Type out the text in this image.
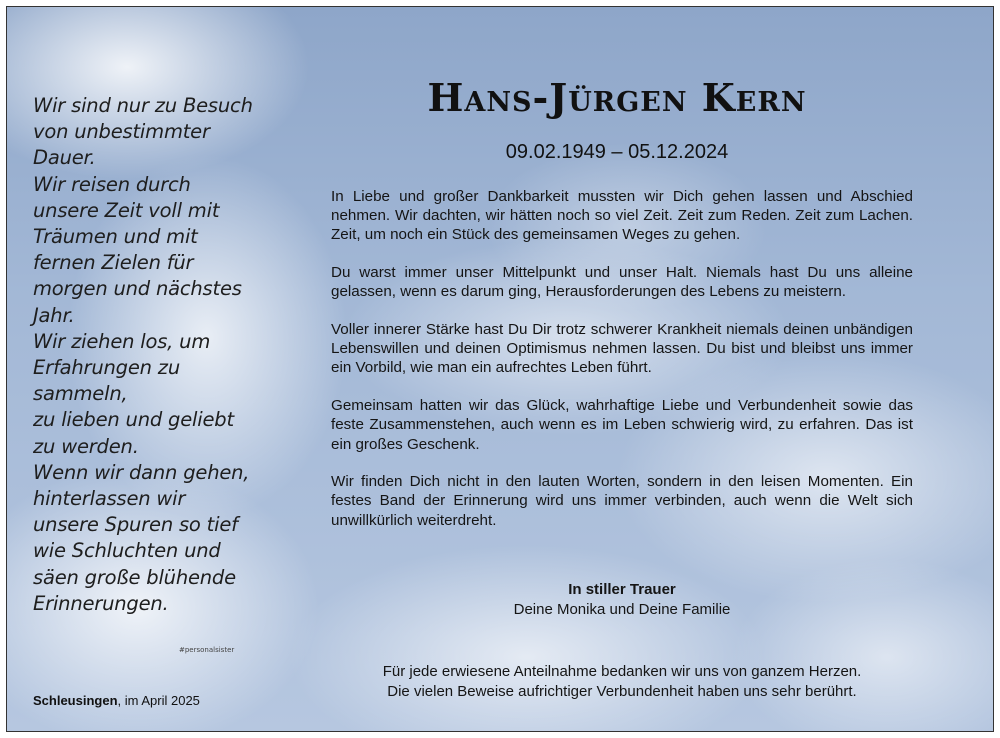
Wir sind nur zu Besuch
von unbestimmter
Dauer.
Wir reisen durch
unsere Zeit voll mit
Träumen und mit
fernen Zielen für
morgen und nächstes
Jahr.
Wir ziehen los, um
Erfahrungen zu
sammeln,
zu lieben und geliebt
zu werden.
Wenn wir dann gehen,
hinterlassen wir
unsere Spuren so tief
wie Schluchten und
säen große blühende
Erinnerungen.
#personalsister
Schleusingen, im April 2025
Hans-Jürgen Kern
09.02.1949 – 05.12.2024

In Liebe und großer Dankbarkeit mussten wir Dich gehen lassen und Abschied nehmen. Wir dachten, wir hätten noch so viel Zeit. Zeit zum Reden. Zeit zum Lachen. Zeit, um noch ein Stück des gemeinsamen Weges zu gehen.

Du warst immer unser Mittelpunkt und unser Halt. Niemals hast Du uns alleine gelassen, wenn es darum ging, Herausforderungen des Lebens zu meistern.

Voller innerer Stärke hast Du Dir trotz schwerer Krankheit niemals deinen unbändigen Lebenswillen und deinen Optimismus nehmen lassen. Du bist und bleibst uns immer ein Vorbild, wie man ein aufrechtes Leben führt.

Gemeinsam hatten wir das Glück, wahrhaftige Liebe und Verbundenheit sowie das feste Zusammenstehen, auch wenn es im Leben schwierig wird, zu erfahren. Das ist ein großes Geschenk.

Wir finden Dich nicht in den lauten Worten, sondern in den leisen Momenten. Ein festes Band der Erinnerung wird uns immer verbinden, auch wenn die Welt sich unwillkürlich weiterdreht.

In stiller Trauer
Deine Monika und Deine Familie
Für jede erwiesene Anteilnahme bedanken wir uns von ganzem Herzen.
Die vielen Beweise aufrichtiger Verbundenheit haben uns sehr berührt.
